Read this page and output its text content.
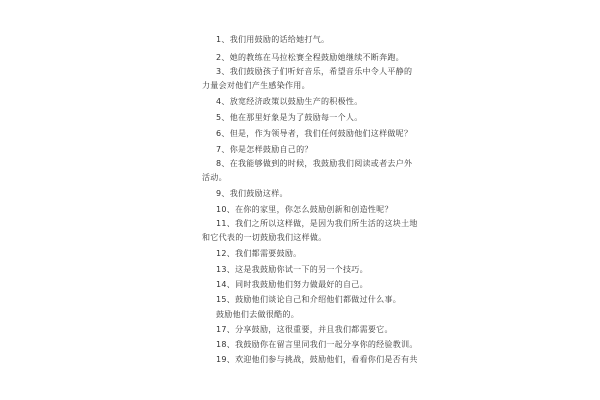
1、我们用鼓励的话给她打气。
2、她的教练在马拉松赛全程鼓励她继续不断奔跑。
3、我们鼓励孩子们听好音乐，希望音乐中令人平静的
力量会对他们产生感染作用。
4、放宽经济政策以鼓励生产的积极性。
5、他在那里好象是为了鼓励每一个人。
6、但是，作为领导者，我们任何鼓励他们这样做呢？
7、你是怎样鼓励自己的？
8、在我能够做到的时候，我鼓励我们阅读或者去户外
活动。
9、我们鼓励这样。
10、在你的家里，你怎么鼓励创新和创造性呢？
11、我们之所以这样做，是因为我们所生活的这块土地
和它代表的一切鼓励我们这样做。
12、我们都需要鼓励。
13、这是我鼓励你试一下的另一个技巧。
14、同时我鼓励他们努力做最好的自己。
15、鼓励他们谈论自己和介绍他们都做过什么事。
鼓励他们去做很酷的。
17、分享鼓励，这很重要，并且我们都需要它。
18、我鼓励你在留言里同我们一起分享你的经验教训。
19、欢迎他们参与挑战，鼓励他们，看看你们是否有共
